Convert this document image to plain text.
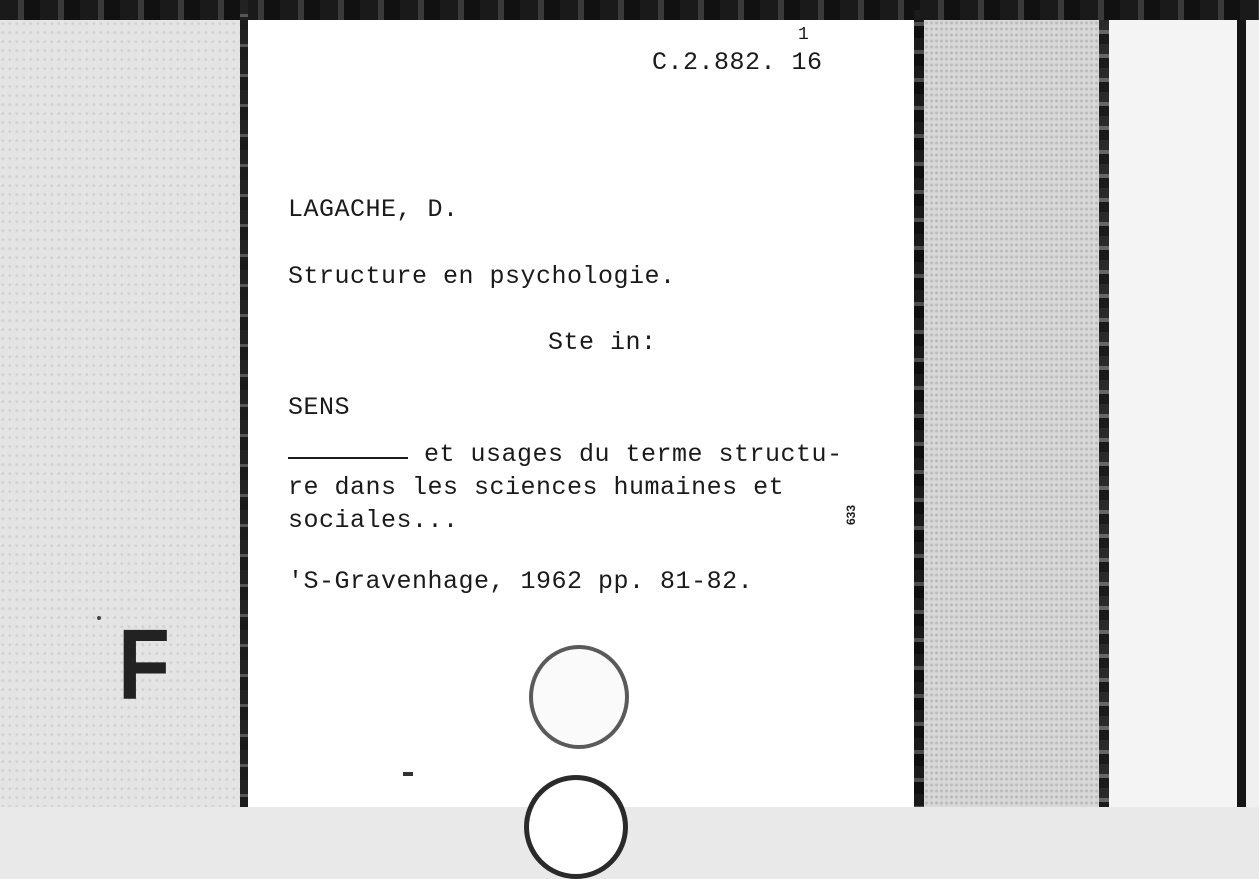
C.2.882. 16
1
LAGACHE, D.
Structure en psychologie.
Ste in:
SENS
et usages du terme structu-
re dans les sciences humaines et
sociales...	633
'S-Gravenhage, 1962 pp. 81-82.
F
